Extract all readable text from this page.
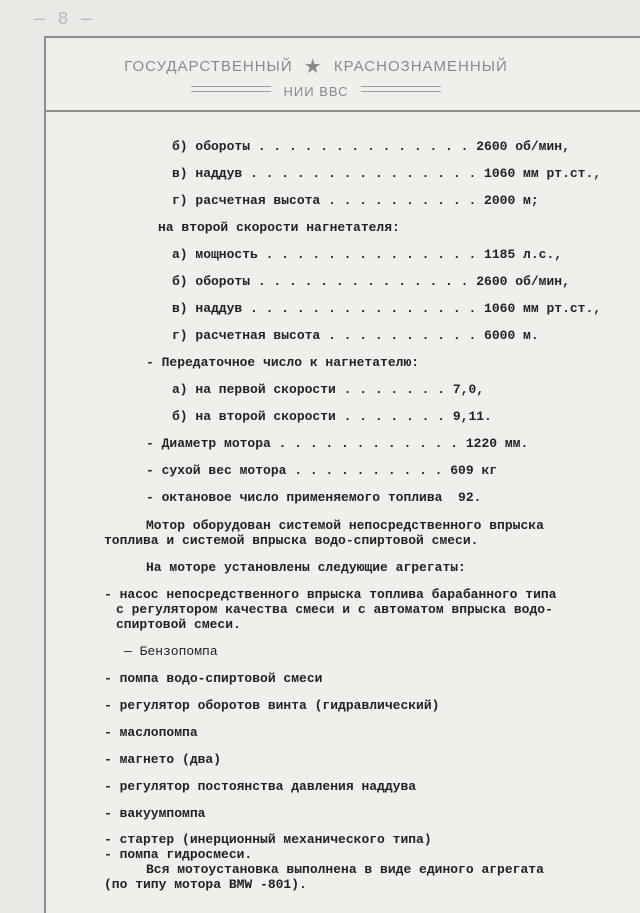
— 8 —
ГОСУДАРСТВЕННЫЙ ★ КРАСНОЗНАМЕННЫЙ
НИИ ВВС
б) обороты . . . . . . . . . . . . . . 2600 об/мин,
в) наддув . . . . . . . . . . . . . . . 1060 мм рт.ст.,
г) расчетная высота . . . . . . . . . . 2000 м;
на второй скорости нагнетателя:
а) мощность . . . . . . . . . . . . . . 1185 л.с.,
б) обороты . . . . . . . . . . . . . . 2600 об/мин,
в) наддув . . . . . . . . . . . . . . . 1060 мм рт.ст.,
г) расчетная высота . . . . . . . . . . 6000 м.
- Передаточное число к нагнетателю:
а) на первой скорости . . . . . . . 7,0,
б) на второй скорости . . . . . . . 9,11.
- Диаметр мотора . . . . . . . . . . . . 1220 мм.
- сухой вес мотора . . . . . . . . . . 609 кг
- октановое число применяемого топлива  92.
Мотор оборудован системой непосредственного впрыска
топлива и системой впрыска водо-спиртовой смеси.
На моторе установлены следующие агрегаты:
- насос непосредственного впрыска топлива барабанного типа
с регулятором качества смеси и с автоматом впрыска водо-
спиртовой смеси.
— Бензопомпа
- помпа водо-спиртовой смеси
- регулятор оборотов винта (гидравлический)
- маслопомпа
- магнето (два)
- регулятор постоянства давления наддува
- вакуумпомпа
- стартер (инерционный механического типа)
- помпа гидросмеси.
Вся мотоустановка выполнена в виде единого агрегата
(по типу мотора BMW -801).
